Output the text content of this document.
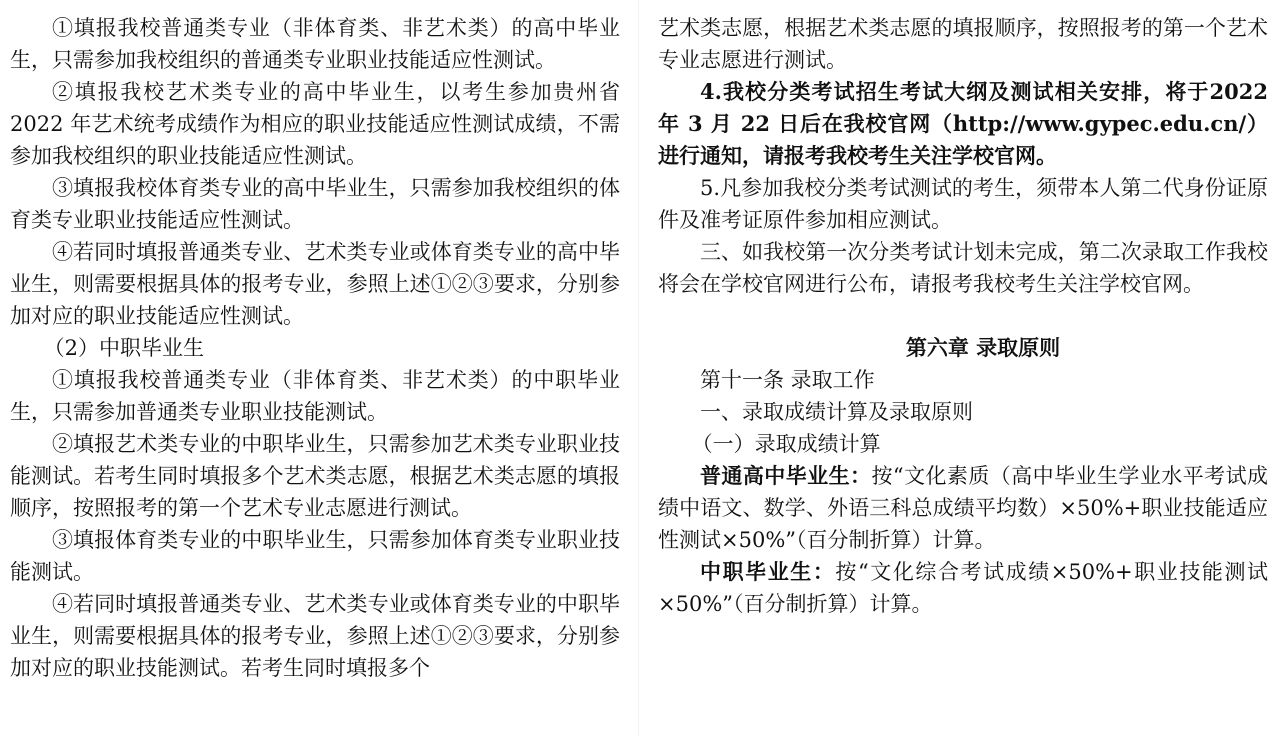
①填报我校普通类专业（非体育类、非艺术类）的高中毕业生，只需参加我校组织的普通类专业职业技能适应性测试。

②填报我校艺术类专业的高中毕业生，以考生参加贵州省 2022 年艺术统考成绩作为相应的职业技能适应性测试成绩，不需参加我校组织的职业技能适应性测试。

③填报我校体育类专业的高中毕业生，只需参加我校组织的体育类专业职业技能适应性测试。

④若同时填报普通类专业、艺术类专业或体育类专业的高中毕业生，则需要根据具体的报考专业，参照上述①②③要求，分别参加对应的职业技能适应性测试。

（2）中职毕业生

①填报我校普通类专业（非体育类、非艺术类）的中职毕业生，只需参加普通类专业职业技能测试。

②填报艺术类专业的中职毕业生，只需参加艺术类专业职业技能测试。若考生同时填报多个艺术类志愿，根据艺术类志愿的填报顺序，按照报考的第一个艺术专业志愿进行测试。

③填报体育类专业的中职毕业生，只需参加体育类专业职业技能测试。

④若同时填报普通类专业、艺术类专业或体育类专业的中职毕业生，则需要根据具体的报考专业，参照上述①②③要求，分别参加对应的职业技能测试。若考生同时填报多个

艺术类志愿，根据艺术类志愿的填报顺序，按照报考的第一个艺术专业志愿进行测试。

4.我校分类考试招生考试大纲及测试相关安排，将于2022 年 3 月 22 日后在我校官网（http://www.gypec.edu.cn/）进行通知，请报考我校考生关注学校官网。

5.凡参加我校分类考试测试的考生，须带本人第二代身份证原件及准考证原件参加相应测试。

三、如我校第一次分类考试计划未完成，第二次录取工作我校将会在学校官网进行公布，请报考我校考生关注学校官网。

第六章 录取原则

第十一条 录取工作

一、录取成绩计算及录取原则

（一）录取成绩计算

普通高中毕业生：按“文化素质（高中毕业生学业水平考试成绩中语文、数学、外语三科总成绩平均数）×50%+职业技能适应性测试×50%”（百分制折算）计算。

中职毕业生：按“文化综合考试成绩×50%+职业技能测试×50%”（百分制折算）计算。
